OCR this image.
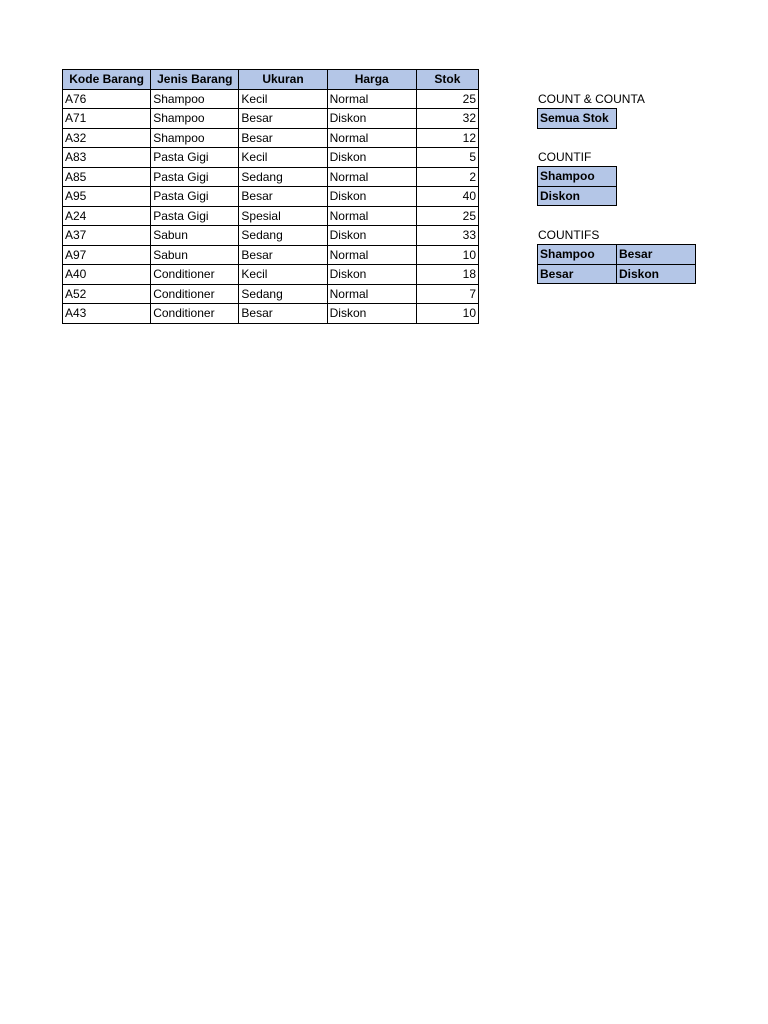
Kode Barang	Jenis Barang	Ukuran	Harga	Stok
A76	Shampoo	Kecil	Normal	25
A71	Shampoo	Besar	Diskon	32
A32	Shampoo	Besar	Normal	12
A83	Pasta Gigi	Kecil	Diskon	5
A85	Pasta Gigi	Sedang	Normal	2
A95	Pasta Gigi	Besar	Diskon	40
A24	Pasta Gigi	Spesial	Normal	25
A37	Sabun	Sedang	Diskon	33
A97	Sabun	Besar	Normal	10
A40	Conditioner	Kecil	Diskon	18
A52	Conditioner	Sedang	Normal	7
A43	Conditioner	Besar	Diskon	10
COUNT & COUNTA
Semua Stok
COUNTIF
Shampoo
Diskon
COUNTIFS
Shampoo	Besar
Besar	Diskon
